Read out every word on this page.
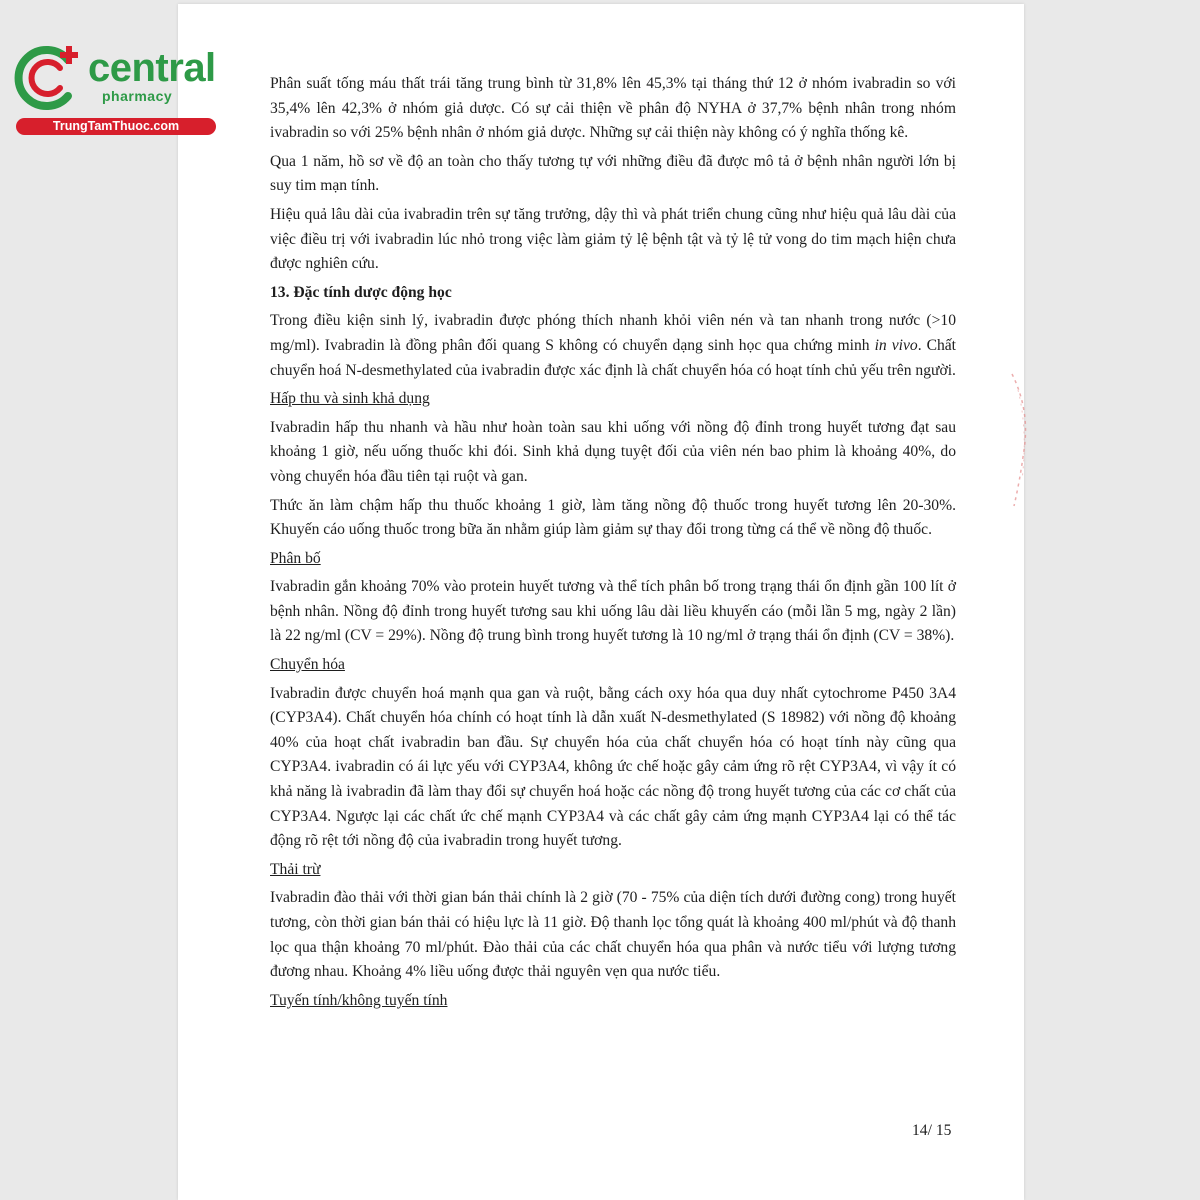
central
pharmacy
TrungTamThuoc.com

Phân suất tống máu thất trái tăng trung bình từ 31,8% lên 45,3% tại tháng thứ 12 ở nhóm ivabradin so với 35,4% lên 42,3% ở nhóm giả dược. Có sự cải thiện về phân độ NYHA ở 37,7% bệnh nhân trong nhóm ivabradin so với 25% bệnh nhân ở nhóm giả dược. Những sự cải thiện này không có ý nghĩa thống kê.

Qua 1 năm, hồ sơ về độ an toàn cho thấy tương tự với những điều đã được mô tả ở bệnh nhân người lớn bị suy tim mạn tính.

Hiệu quả lâu dài của ivabradin trên sự tăng trưởng, dậy thì và phát triển chung cũng như hiệu quả lâu dài của việc điều trị với ivabradin lúc nhỏ trong việc làm giảm tỷ lệ bệnh tật và tỷ lệ tử vong do tim mạch hiện chưa được nghiên cứu.

13. Đặc tính dược động học

Trong điều kiện sinh lý, ivabradin được phóng thích nhanh khỏi viên nén và tan nhanh trong nước (>10 mg/ml). Ivabradin là đồng phân đối quang S không có chuyển dạng sinh học qua chứng minh in vivo. Chất chuyển hoá N-desmethylated của ivabradin được xác định là chất chuyển hóa có hoạt tính chủ yếu trên người.

Hấp thu và sinh khả dụng

Ivabradin hấp thu nhanh và hầu như hoàn toàn sau khi uống với nồng độ đỉnh trong huyết tương đạt sau khoảng 1 giờ, nếu uống thuốc khi đói. Sinh khả dụng tuyệt đối của viên nén bao phim là khoảng 40%, do vòng chuyển hóa đầu tiên tại ruột và gan.

Thức ăn làm chậm hấp thu thuốc khoảng 1 giờ, làm tăng nồng độ thuốc trong huyết tương lên 20-30%. Khuyến cáo uống thuốc trong bữa ăn nhằm giúp làm giảm sự thay đổi trong từng cá thể về nồng độ thuốc.

Phân bố

Ivabradin gắn khoảng 70% vào protein huyết tương và thể tích phân bố trong trạng thái ổn định gần 100 lít ở bệnh nhân. Nồng độ đỉnh trong huyết tương sau khi uống lâu dài liều khuyến cáo (mỗi lần 5 mg, ngày 2 lần) là 22 ng/ml (CV = 29%). Nồng độ trung bình trong huyết tương là 10 ng/ml ở trạng thái ổn định (CV = 38%).

Chuyển hóa

Ivabradin được chuyển hoá mạnh qua gan và ruột, bằng cách oxy hóa qua duy nhất cytochrome P450 3A4 (CYP3A4). Chất chuyển hóa chính có hoạt tính là dẫn xuất N-desmethylated (S 18982) với nồng độ khoảng 40% của hoạt chất ivabradin ban đầu. Sự chuyển hóa của chất chuyển hóa có hoạt tính này cũng qua CYP3A4. ivabradin có ái lực yếu với CYP3A4, không ức chế hoặc gây cảm ứng rõ rệt CYP3A4, vì vậy ít có khả năng là ivabradin đã làm thay đổi sự chuyển hoá hoặc các nồng độ trong huyết tương của các cơ chất của CYP3A4. Ngược lại các chất ức chế mạnh CYP3A4 và các chất gây cảm ứng mạnh CYP3A4 lại có thể tác động rõ rệt tới nồng độ của ivabradin trong huyết tương.

Thải trừ

Ivabradin đào thải với thời gian bán thải chính là 2 giờ (70 - 75% của diện tích dưới đường cong) trong huyết tương, còn thời gian bán thải có hiệu lực là 11 giờ. Độ thanh lọc tổng quát là khoảng 400 ml/phút và độ thanh lọc qua thận khoảng 70 ml/phút. Đào thải của các chất chuyển hóa qua phân và nước tiểu với lượng tương đương nhau. Khoảng 4% liều uống được thải nguyên vẹn qua nước tiểu.

Tuyến tính/không tuyến tính

14/ 15
